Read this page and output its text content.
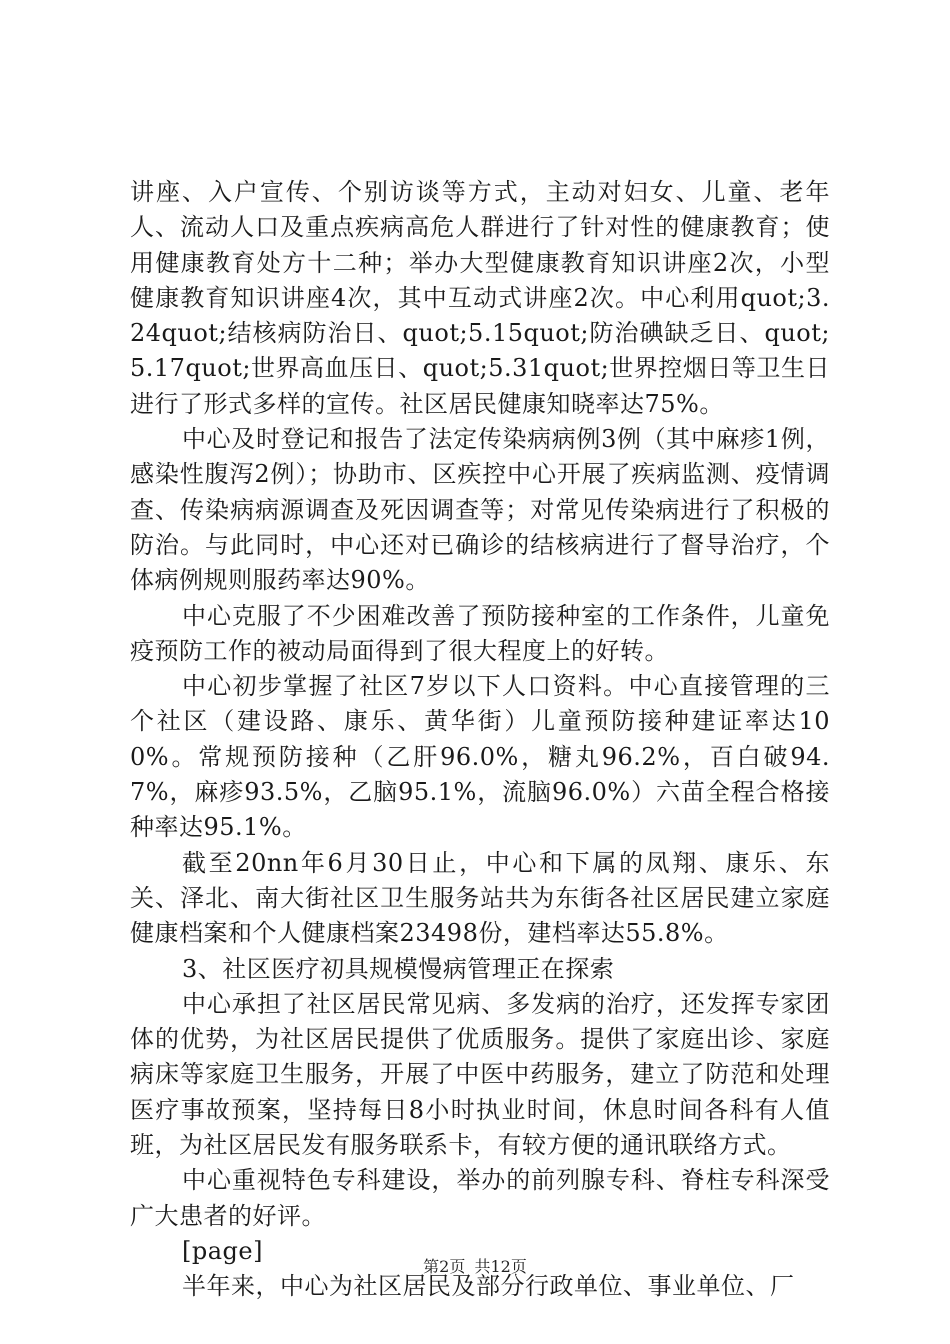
讲座、入户宣传、个别访谈等方式，主动对妇女、儿童、老年人、流动人口及重点疾病高危人群进行了针对性的健康教育；使用健康教育处方十二种；举办大型健康教育知识讲座2次，小型健康教育知识讲座4次，其中互动式讲座2次。中心利用quot;3.24quot;结核病防治日、quot;5.15quot;防治碘缺乏日、quot;5.17quot;世界高血压日、quot;5.31quot;世界控烟日等卫生日进行了形式多样的宣传。社区居民健康知晓率达75%。

中心及时登记和报告了法定传染病病例3例（其中麻疹1例，感染性腹泻2例）；协助市、区疾控中心开展了疾病监测、疫情调查、传染病病源调查及死因调查等；对常见传染病进行了积极的防治。与此同时，中心还对已确诊的结核病进行了督导治疗，个体病例规则服药率达90%。

中心克服了不少困难改善了预防接种室的工作条件，儿童免疫预防工作的被动局面得到了很大程度上的好转。

中心初步掌握了社区7岁以下人口资料。中心直接管理的三个社区（建设路、康乐、黄华街）儿童预防接种建证率达100%。常规预防接种（乙肝96.0%，糖丸96.2%，百白破94.7%，麻疹93.5%，乙脑95.1%，流脑96.0%）六苗全程合格接种率达95.1%。

截至20nn年6月30日止，中心和下属的凤翔、康乐、东关、泽北、南大街社区卫生服务站共为东街各社区居民建立家庭健康档案和个人健康档案23498份，建档率达55.8%。

3、社区医疗初具规模慢病管理正在探索

中心承担了社区居民常见病、多发病的治疗，还发挥专家团体的优势，为社区居民提供了优质服务。提供了家庭出诊、家庭病床等家庭卫生服务，开展了中医中药服务，建立了防范和处理医疗事故预案，坚持每日8小时执业时间，休息时间各科有人值班，为社区居民发有服务联系卡，有较方便的通讯联络方式。

中心重视特色专科建设，举办的前列腺专科、脊柱专科深受广大患者的好评。

[page]

半年来，中心为社区居民及部分行政单位、事业单位、厂

第2页 共12页
